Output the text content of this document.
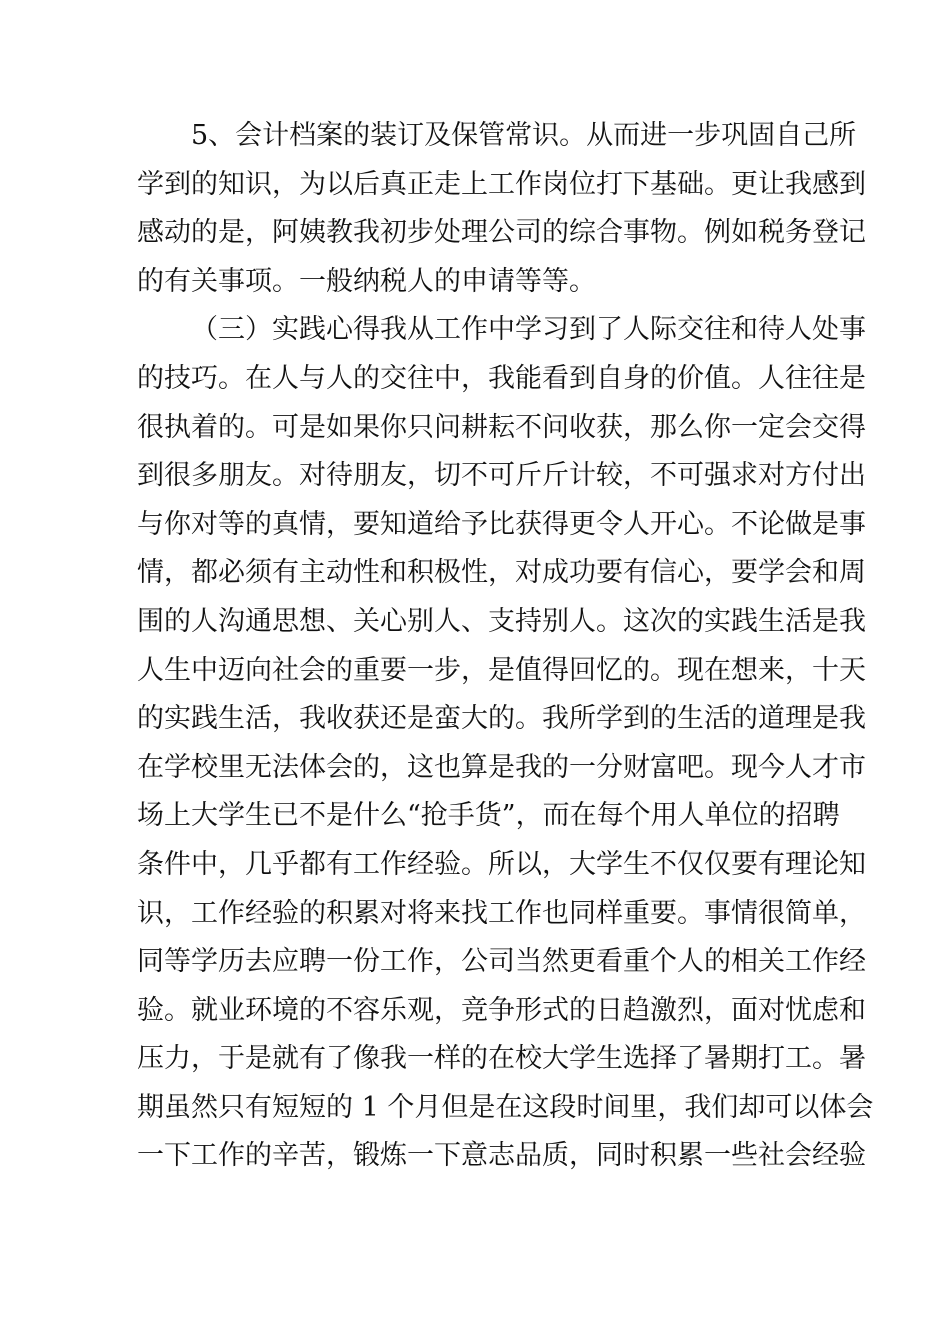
5、会计档案的装订及保管常识。从而进一步巩固自己所
学到的知识，为以后真正走上工作岗位打下基础。更让我感到
感动的是，阿姨教我初步处理公司的综合事物。例如税务登记
的有关事项。一般纳税人的申请等等。
（三）实践心得我从工作中学习到了人际交往和待人处事
的技巧。在人与人的交往中，我能看到自身的价值。人往往是
很执着的。可是如果你只问耕耘不问收获，那么你一定会交得
到很多朋友。对待朋友，切不可斤斤计较，不可强求对方付出
与你对等的真情，要知道给予比获得更令人开心。不论做是事
情，都必须有主动性和积极性，对成功要有信心，要学会和周
围的人沟通思想、关心别人、支持别人。这次的实践生活是我
人生中迈向社会的重要一步，是值得回忆的。现在想来，十天
的实践生活，我收获还是蛮大的。我所学到的生活的道理是我
在学校里无法体会的，这也算是我的一分财富吧。现今人才市
场上大学生已不是什么“抢手货”，而在每个用人单位的招聘
条件中，几乎都有工作经验。所以，大学生不仅仅要有理论知
识，工作经验的积累对将来找工作也同样重要。事情很简单，
同等学历去应聘一份工作，公司当然更看重个人的相关工作经
验。就业环境的不容乐观，竞争形式的日趋激烈，面对忧虑和
压力，于是就有了像我一样的在校大学生选择了暑期打工。暑
期虽然只有短短的 1 个月但是在这段时间里，我们却可以体会
一下工作的辛苦，锻炼一下意志品质，同时积累一些社会经验
